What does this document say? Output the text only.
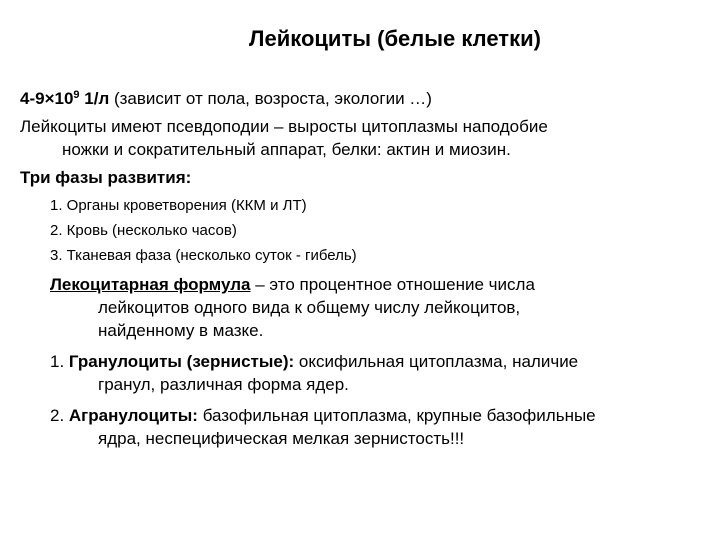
Лейкоциты (белые клетки)
$4-9\times 10^9$ 1/л (зависит от пола, возроста, экологии …)
Лейкоциты имеют псевдоподии – выросты цитоплазмы наподобие
ножки и сократительный аппарат, белки: актин и миозин.
Три фазы развития:
1. Органы кроветворения (ККМ и ЛТ)
2. Кровь (несколько часов)
3. Тканевая фаза (несколько суток - гибель)
Лекоцитарная формула – это процентное отношение числа
лейкоцитов одного вида к общему числу лейкоцитов,
найденному в мазке.
1. Гранулоциты (зернистые): оксифильная цитоплазма, наличие
гранул, различная форма ядер.
2. Агранулоциты: базофильная цитоплазма, крупные базофильные
ядра, неспецифическая мелкая зернистость!!!
